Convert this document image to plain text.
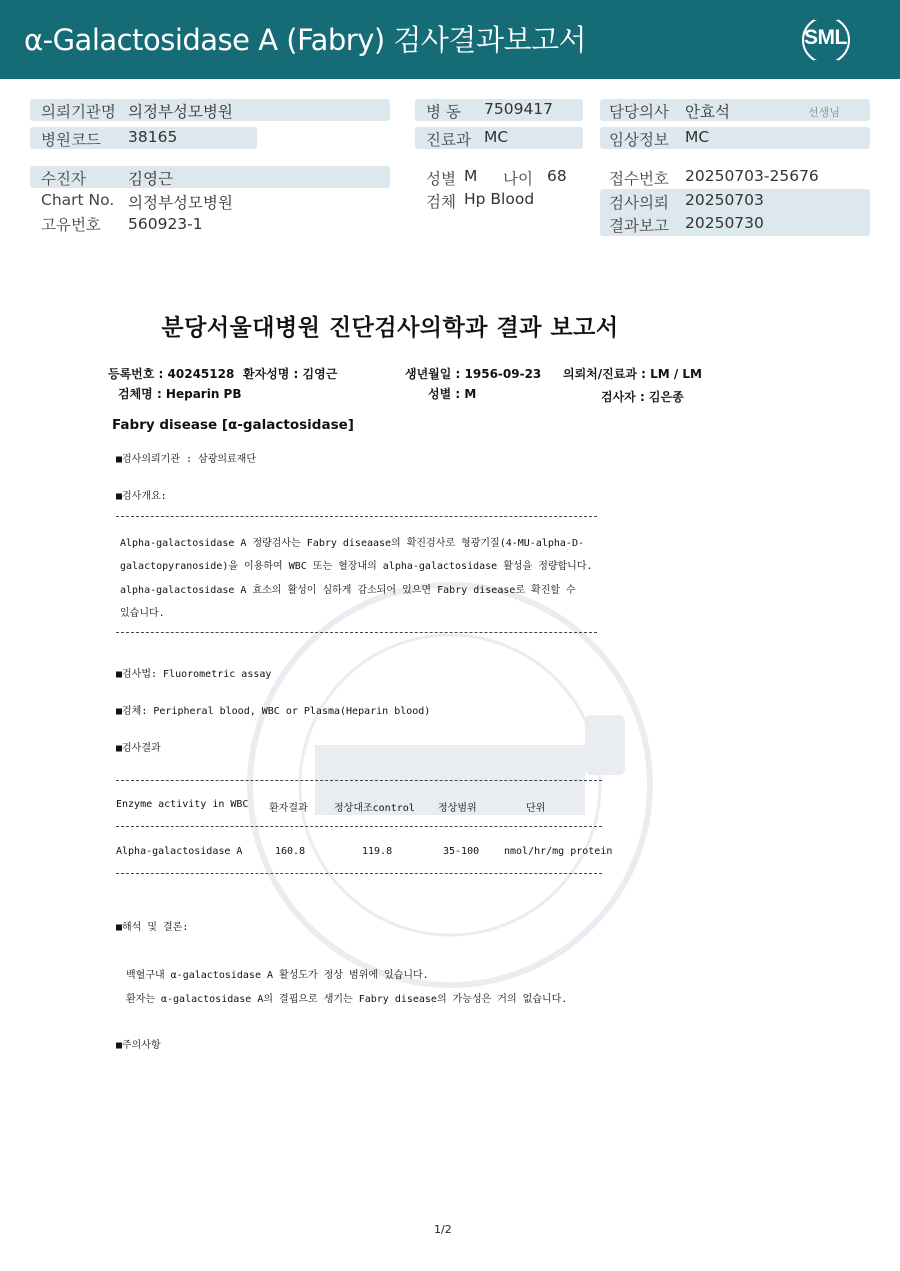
α-Galactosidase A (Fabry) 검사결과보고서	SML
의뢰기관명 의정부성모병원
병원코드 38165
병 동 7509417
진료과 MC
담당의사 안효석	선생님
임상정보 MC
수진자	김영근
Chart No. 의정부성모병원
고유번호 560923-1
성별 M 나이 68
검체 Hp Blood
접수번호 20250703-25676
검사의뢰 20250703
결과보고 20250730
분당서울대병원 진단검사의학과 결과 보고서
등록번호 : 40245128 환자성명 : 김영근	생년월일 : 1956-09-23 의뢰처/진료과 : LM / LM
검체명 : Heparin PB	성별 : M	검사자 : 김은종
Fabry disease [α-galactosidase]
■검사의뢰기관 : 삼광의료재단
■검사개요:
Alpha-galactosidase A 정량검사는 Fabry diseaase의 확진검사로 형광기질(4-MU-alpha-D-
galactopyranoside)을 이용하여 WBC 또는 혈장내의 alpha-galactosidase 활성을 정량합니다.
alpha-galactosidase A 효소의 활성이 심하게 감소되어 있으면 Fabry disease로 확진할 수
있습니다.
■검사법: Fluorometric assay
■검체: Peripheral blood, WBC or Plasma(Heparin blood)
■검사결과
Enzyme activity in WBC 환자결과	정상대조control 정상범위	단위
Alpha-galactosidase A	160.8	119.8	35-100 nmol/hr/mg protein
■해석 및 결론:
백혈구내 α-galactosidase A 활성도가 정상 범위에 있습니다.
환자는 α-galactosidase A의 결핍으로 생기는 Fabry disease의 가능성은 거의 없습니다.
■주의사항
1/2
